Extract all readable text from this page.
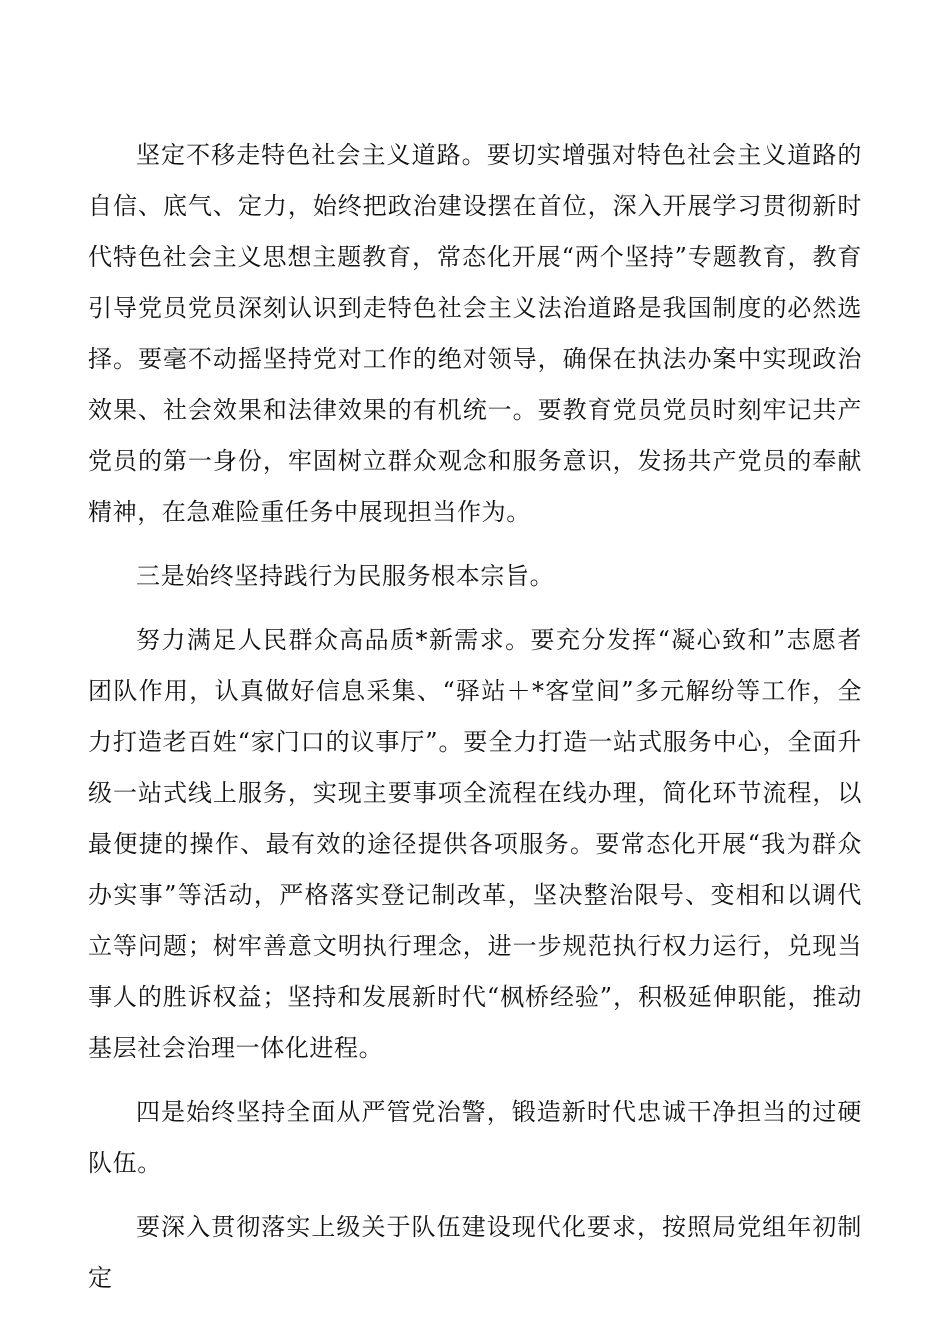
坚定不移走特色社会主义道路。要切实增强对特色社会主义道路的自信、底气、定力，始终把政治建设摆在首位，深入开展学习贯彻新时代特色社会主义思想主题教育，常态化开展“两个坚持”专题教育，教育引导党员党员深刻认识到走特色社会主义法治道路是我国制度的必然选择。要毫不动摇坚持党对工作的绝对领导，确保在执法办案中实现政治效果、社会效果和法律效果的有机统一。要教育党员党员时刻牢记共产党员的第一身份，牢固树立群众观念和服务意识，发扬共产党员的奉献精神，在急难险重任务中展现担当作为。

三是始终坚持践行为民服务根本宗旨。

努力满足人民群众高品质*新需求。要充分发挥“凝心致和”志愿者团队作用，认真做好信息采集、“驿站＋*客堂间”多元解纷等工作，全力打造老百姓“家门口的议事厅”。要全力打造一站式服务中心，全面升级一站式线上服务，实现主要事项全流程在线办理，简化环节流程，以最便捷的操作、最有效的途径提供各项服务。要常态化开展“我为群众办实事”等活动，严格落实登记制改革，坚决整治限号、变相和以调代立等问题；树牢善意文明执行理念，进一步规范执行权力运行，兑现当事人的胜诉权益；坚持和发展新时代“枫桥经验”，积极延伸职能，推动基层社会治理一体化进程。

四是始终坚持全面从严管党治警，锻造新时代忠诚干净担当的过硬队伍。

要深入贯彻落实上级关于队伍建设现代化要求，按照局党组年初制定
